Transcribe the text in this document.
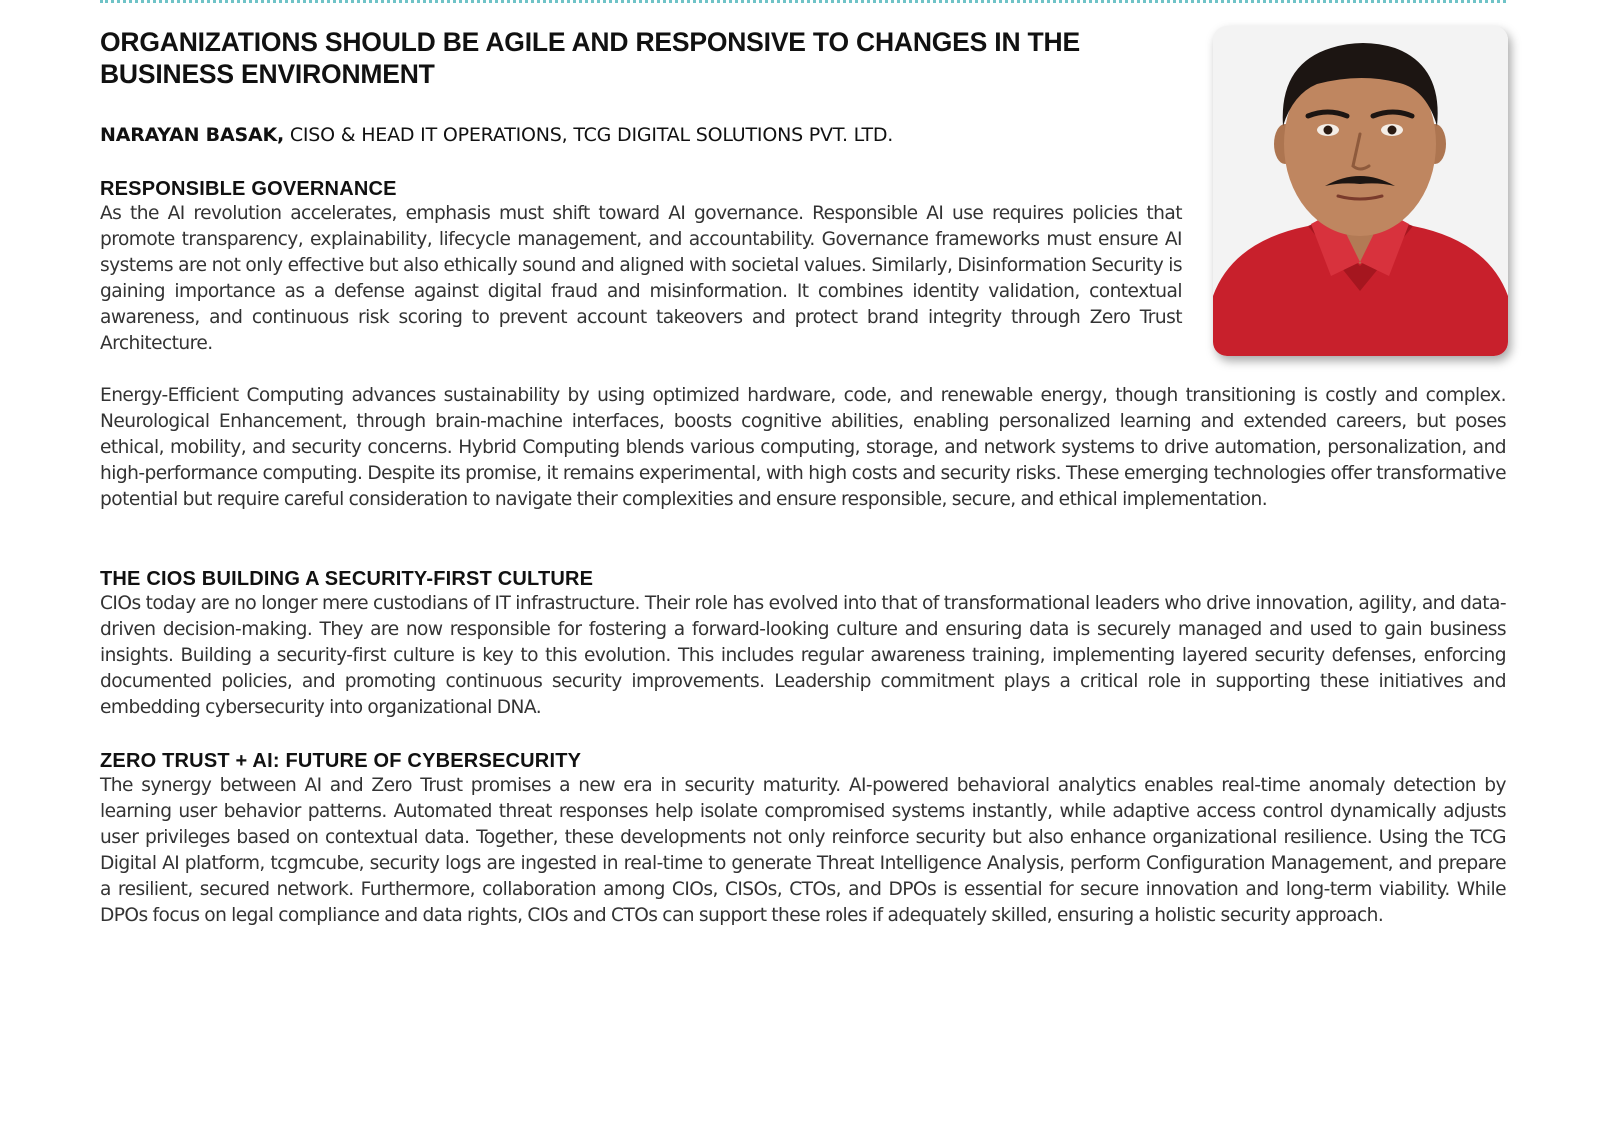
ORGANIZATIONS SHOULD BE AGILE AND RESPONSIVE TO CHANGES IN THE BUSINESS ENVIRONMENT
NARAYAN BASAK, CISO & HEAD IT OPERATIONS, TCG DIGITAL SOLUTIONS PVT. LTD.
RESPONSIBLE GOVERNANCE

As the AI revolution accelerates, emphasis must shift toward AI governance. Responsible AI use requires policies that promote transparency, explainability, lifecycle management, and accountability. Governance frameworks must ensure AI systems are not only effective but also ethically sound and aligned with societal values. Similarly, Disinformation Security is gaining importance as a defense against digital fraud and misinformation. It combines identity validation, contextual awareness, and continuous risk scoring to prevent account takeovers and protect brand integrity through Zero Trust Architecture.

Energy-Efficient Computing advances sustainability by using optimized hardware, code, and renewable energy, though transitioning is costly and complex. Neurological Enhancement, through brain-machine interfaces, boosts cognitive abilities, enabling personalized learning and extended careers, but poses ethical, mobility, and security concerns. Hybrid Computing blends various computing, storage, and network systems to drive automation, personalization, and high-performance computing. Despite its promise, it remains experimental, with high costs and security risks. These emerging technologies offer transformative potential but require careful consideration to navigate their complexities and ensure responsible, secure, and ethical implementation.

THE CIOS BUILDING A SECURITY-FIRST CULTURE

CIOs today are no longer mere custodians of IT infrastructure. Their role has evolved into that of transformational leaders who drive innovation, agility, and data-driven decision-making. They are now responsible for fostering a forward-looking culture and ensuring data is securely managed and used to gain business insights. Building a security-first culture is key to this evolution. This includes regular awareness training, implementing layered security defenses, enforcing documented policies, and promoting continuous security improvements. Leadership commitment plays a critical role in supporting these initiatives and embedding cybersecurity into organizational DNA.

ZERO TRUST + AI: FUTURE OF CYBERSECURITY

The synergy between AI and Zero Trust promises a new era in security maturity. AI-powered behavioral analytics enables real-time anomaly detection by learning user behavior patterns. Automated threat responses help isolate compromised systems instantly, while adaptive access control dynamically adjusts user privileges based on contextual data. Together, these developments not only reinforce security but also enhance organizational resilience. Using the TCG Digital AI platform, tcgmcube, security logs are ingested in real-time to generate Threat Intelligence Analysis, perform Configuration Management, and prepare a resilient, secured network. Furthermore, collaboration among CIOs, CISOs, CTOs, and DPOs is essential for secure innovation and long-term viability. While DPOs focus on legal compliance and data rights, CIOs and CTOs can support these roles if adequately skilled, ensuring a holistic security approach.
